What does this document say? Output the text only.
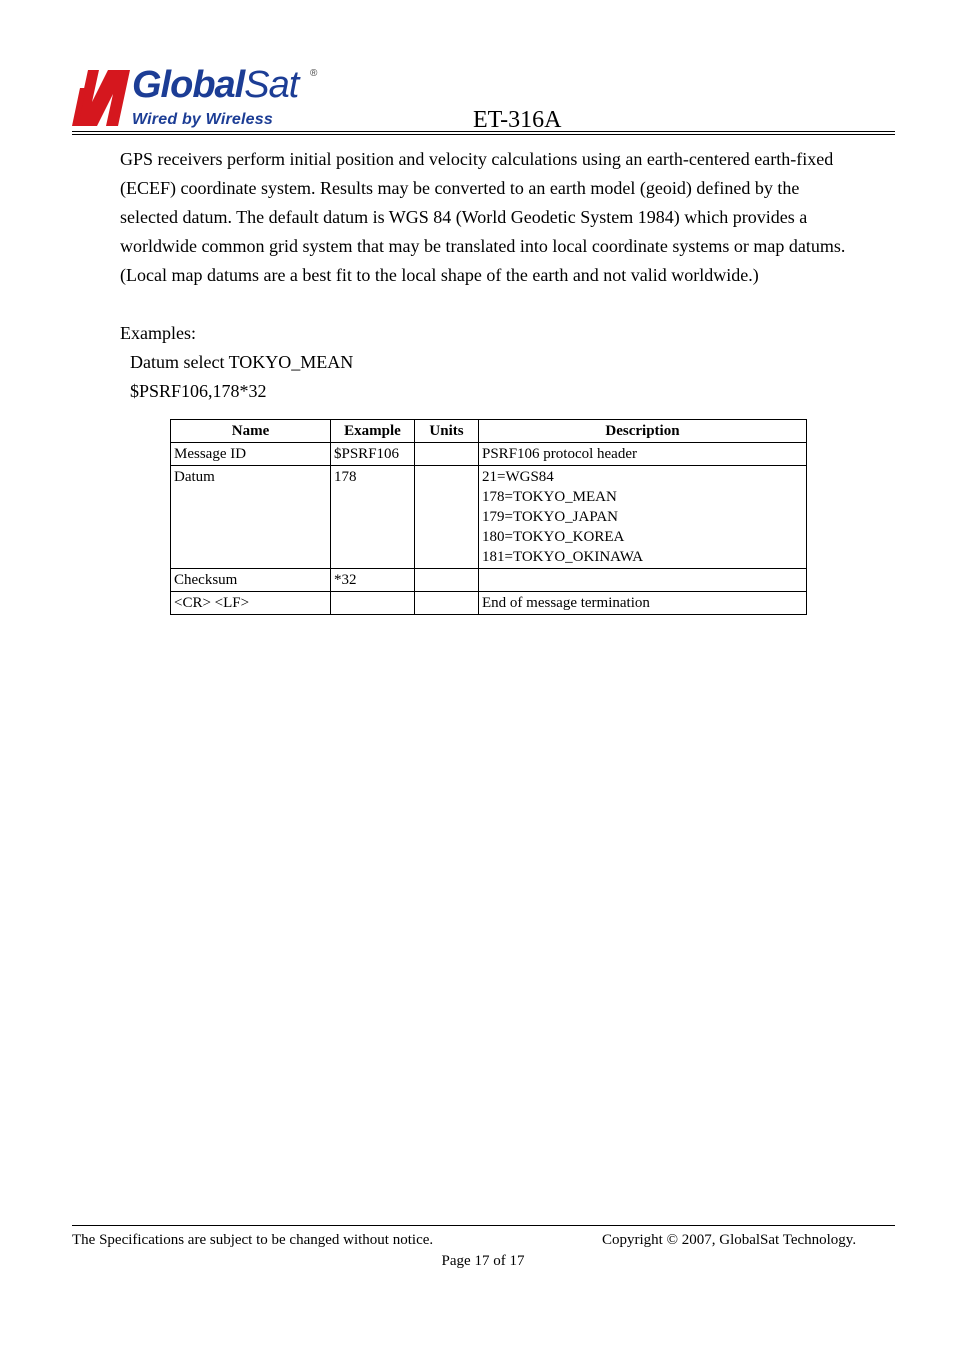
GlobalSat ®
Wired by Wireless	ET-316A

GPS receivers perform initial position and velocity calculations using an earth-centered earth-fixed

(ECEF) coordinate system. Results may be converted to an earth model (geoid) defined by the

selected datum. The default datum is WGS 84 (World Geodetic System 1984) which provides a

worldwide common grid system that may be translated into local coordinate systems or map datums.

(Local map datums are a best fit to the local shape of the earth and not valid worldwide.)

Examples:

Datum select TOKYO_MEAN

$PSRF106,178*32

Name	Example	Units	Description
Message ID	$PSRF106		PSRF106 protocol header

Datum	178		21=WGS84
178=TOKYO_MEAN
179=TOKYO_JAPAN
180=TOKYO_KOREA
181=TOKYO_OKINAWA

Checksum	*32		

<CR> <LF>			End of message termination
The Specifications are subject to be changed without notice.	Copyright © 2007, GlobalSat Technology.
Page 17 of 17
